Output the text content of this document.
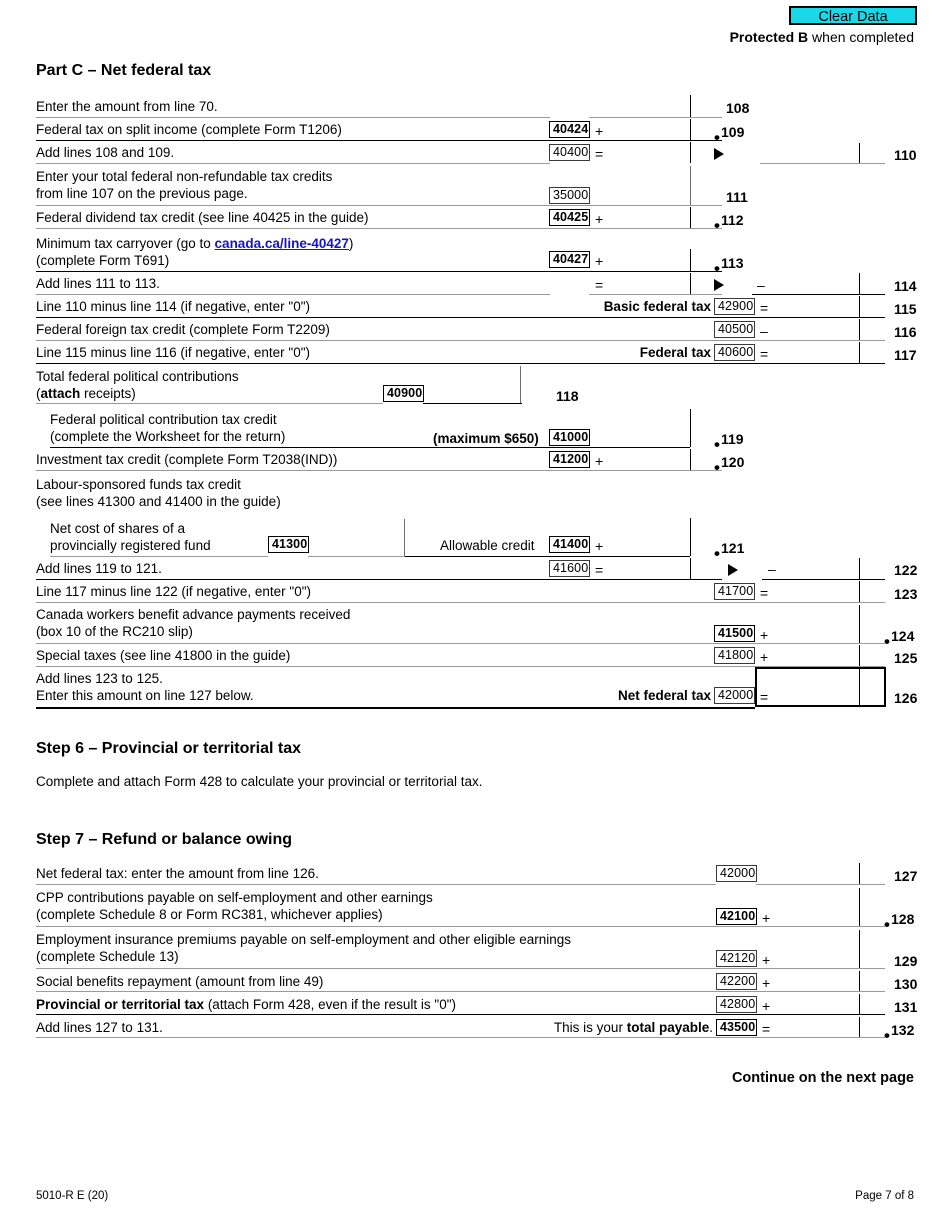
Clear Data
Protected B when completed
Part C – Net federal tax
Enter the amount from line 70.	108
Federal tax on split income (complete Form T1206)	40424 +	• 109
Add lines 108 and 109.	40400 =	110
Enter your total federal non-refundable tax credits
from line 107 on the previous page.	35000	111
Federal dividend tax credit (see line 40425 in the guide)	40425 +	• 112
Minimum tax carryover (go to canada.ca/line-40427)
(complete Form T691)	40427 +	• 113
Add lines 111 to 113.	=	–	114
Line 110 minus line 114 (if negative, enter "0")	Basic federal tax 42900 =	115
Federal foreign tax credit (complete Form T2209)	40500 –	116
Line 115 minus line 116 (if negative, enter "0")	Federal tax 40600 =	117
Total federal political contributions
(attach receipts)	40900	118
Federal political contribution tax credit
(complete the Worksheet for the return)	(maximum $650)	41000	• 119
Investment tax credit (complete Form T2038(IND))	41200 +	• 120
Labour-sponsored funds tax credit
(see lines 41300 and 41400 in the guide)
Net cost of shares of a
provincially registered fund	41300	Allowable credit	41400 +	• 121
Add lines 119 to 121.	41600 =	–	122
Line 117 minus line 122 (if negative, enter "0")	41700 =	123
Canada workers benefit advance payments received
(box 10 of the RC210 slip)	41500 +	• 124
Special taxes (see line 41800 in the guide)	41800 +	125
Add lines 123 to 125.
Enter this amount on line 127 below.	Net federal tax 42000 =	126
Step 6 – Provincial or territorial tax
Complete and attach Form 428 to calculate your provincial or territorial tax.
Step 7 – Refund or balance owing
Net federal tax: enter the amount from line 126.	42000	127
CPP contributions payable on self-employment and other earnings
(complete Schedule 8 or Form RC381, whichever applies)	42100 +	• 128
Employment insurance premiums payable on self-employment and other eligible earnings
(complete Schedule 13)	42120 +	129
Social benefits repayment (amount from line 49)	42200 +	130
Provincial or territorial tax (attach Form 428, even if the result is "0")	42800 +	131
Add lines 127 to 131.	This is your total payable. 43500 =	• 132
Continue on the next page
5010-R E (20)	Page 7 of 8
